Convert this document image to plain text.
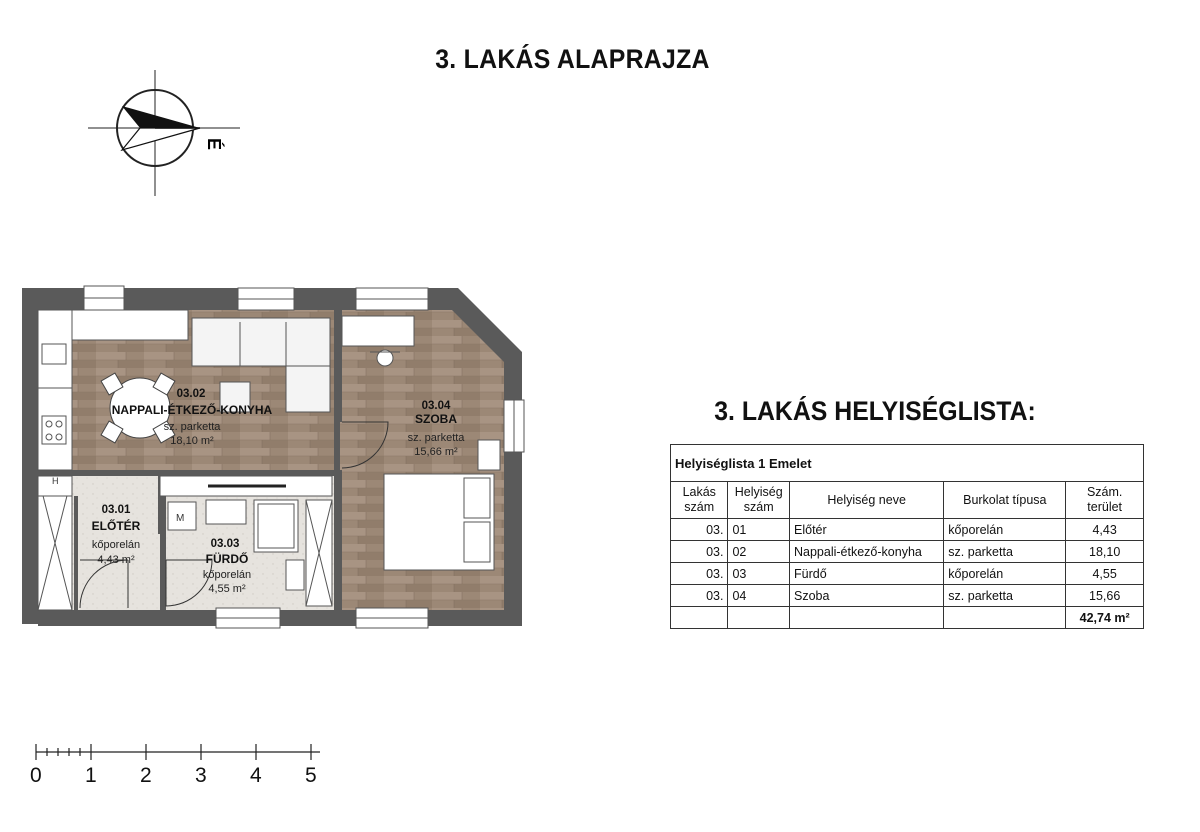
3. LAKÁS ALAPRAJZA
É
H
M
03.02
NAPPALI-ÉTKEZŐ-KONYHA
sz. parketta
18,10 m²
03.04
SZOBA
sz. parketta
15,66 m²
03.01
ELŐTÉR
kőporelán
4,43 m²
03.03
FÜRDŐ
kőporelán
4,55 m²
0 1 2 3 4 5
3. LAKÁS HELYISÉGLISTA:
Helyiséglista 1 Emelet				
Lakás szám	Helyiség szám	Helyiség neve	Burkolat típusa	Szám. terület
03.	01	Előtér	kőporelán	4,43
03.	02	Nappali-étkező-konyha	sz. parketta	18,10
03.	03	Fürdő	kőporelán	4,55
03.	04	Szoba	sz. parketta	15,66
				42,74 m²
